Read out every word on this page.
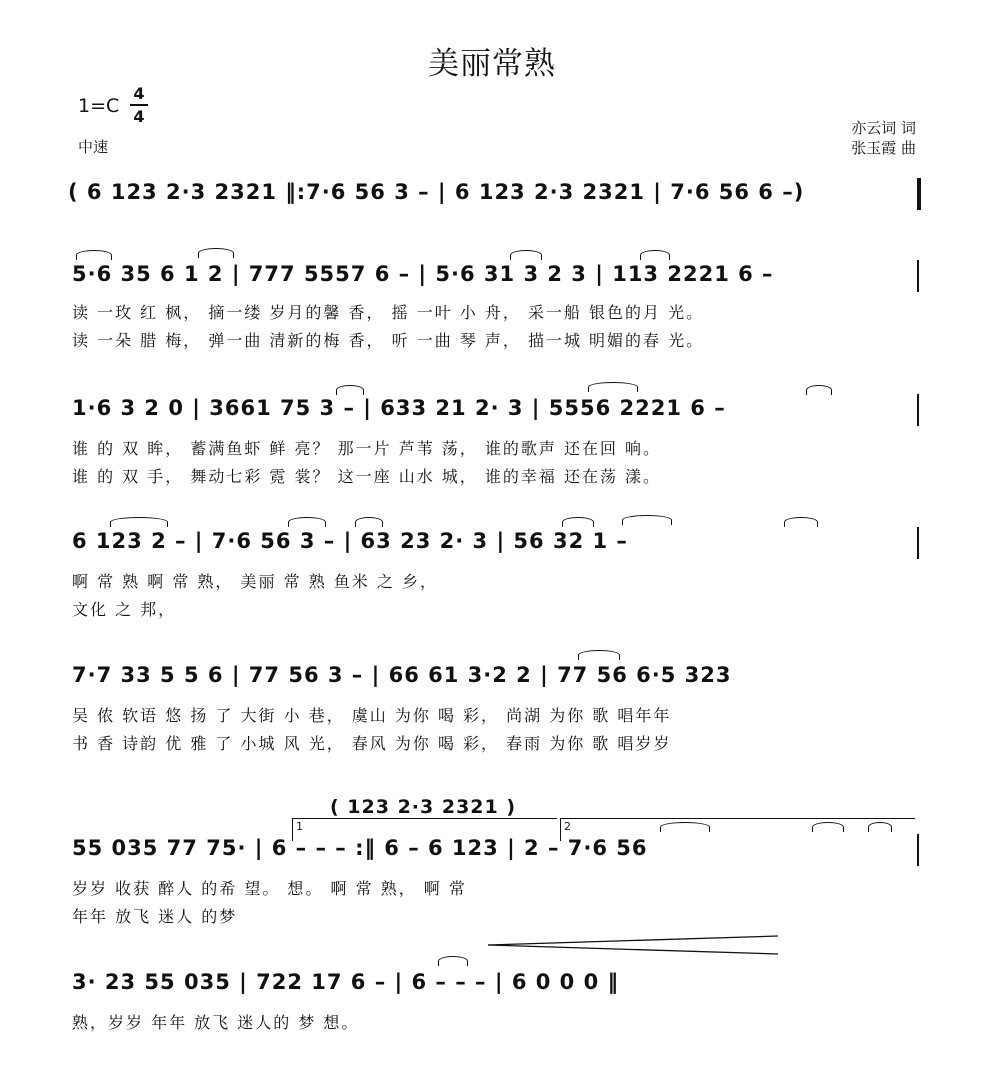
美丽常熟
1=C
4
4
中速
亦云词 词
张玉霞 曲
( 6 123 2·3 2321 ‖:7·6 56 3 – | 6 123 2·3 2321 | 7·6 56 6 –)
5·6 35 6 1 2 | 777 5557 6 – | 5·6 31 3 2 3 | 113 2221 6 –
读 一玫 红 枫， 摘一缕 岁月的馨 香， 摇 一叶 小 舟， 采一船 银色的月 光。
读 一朵 腊 梅， 弹一曲 清新的梅 香， 听 一曲 琴 声， 描一城 明媚的春 光。
1·6 3 2 0 | 3661 75 3 – | 633 21 2· 3 | 5556 2221 6 –
谁 的 双 眸， 蓄满鱼虾 鲜 亮？ 那一片 芦苇 荡， 谁的歌声 还在回 响。
谁 的 双 手， 舞动七彩 霓 裳？ 这一座 山水 城， 谁的幸福 还在荡 漾。
6 123 2 – | 7·6 56 3 – | 63 23 2· 3 | 56 32 1 –
啊 常 熟 啊 常 熟， 美丽 常 熟 鱼米 之 乡，
文化 之 邦，
7·7 33 5 5 6 | 77 56 3 – | 66 61 3·2 2 | 77 56 6·5 323
吴 侬 软语 悠 扬 了 大街 小 巷， 虞山 为你 喝 彩， 尚湖 为你 歌 唱年年
书 香 诗韵 优 雅 了 小城 风 光， 春风 为你 喝 彩， 春雨 为你 歌 唱岁岁
( 123 2·3 2321 )
1	2
55 035 77 75· | 6 – – – :‖ 6 – 6 123 | 2 – 7·6 56
岁岁 收获 醉人 的希 望。 想。 啊 常 熟， 啊 常
年年 放飞 迷人 的梦
3· 23 55 035 | 722 17 6 – | 6 – – – | 6 0 0 0 ‖
熟，岁岁 年年 放飞 迷人的 梦 想。
